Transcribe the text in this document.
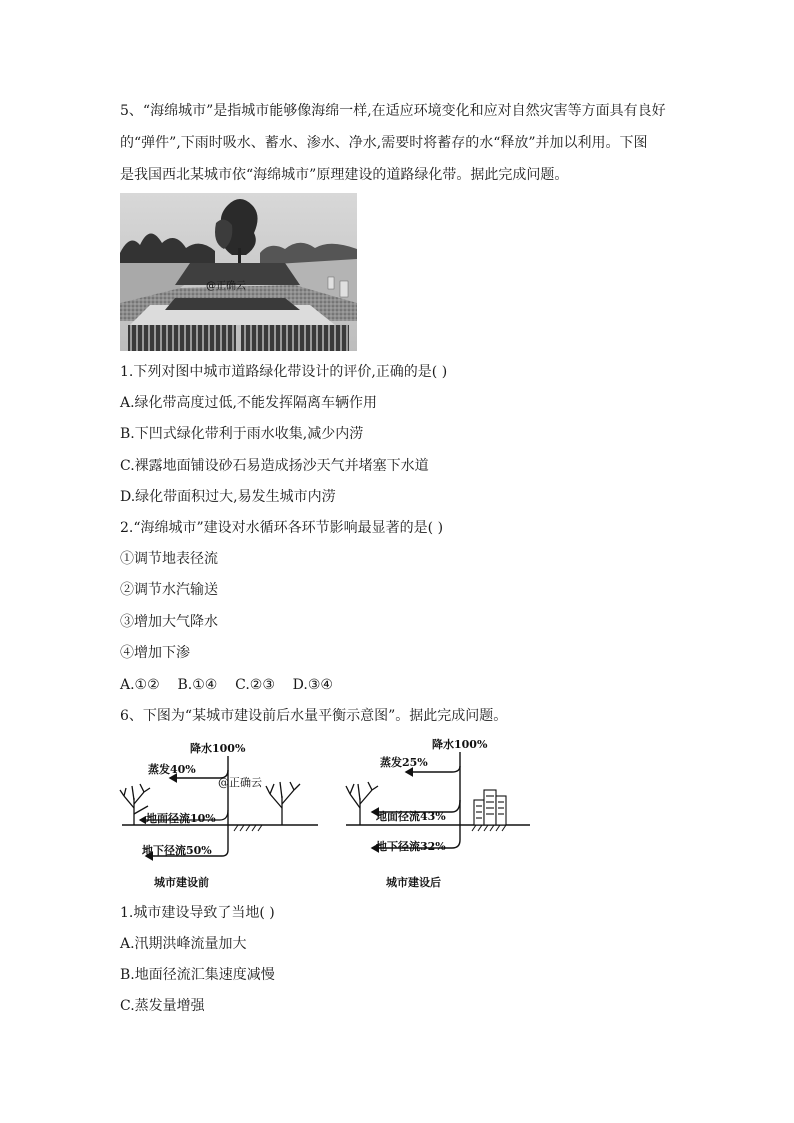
5、“海绵城市”是指城市能够像海绵一样,在适应环境变化和应对自然灾害等方面具有良好
的“弹件”,下雨时吸水、蓄水、渗水、净水,需要时将蓄存的水“释放”并加以利用。下图
是我国西北某城市依“海绵城市”原理建设的道路绿化带。据此完成问题。
@正确云
1.下列对图中城市道路绿化带设计的评价,正确的是( )
A.绿化带高度过低,不能发挥隔离车辆作用
B.下凹式绿化带利于雨水收集,减少内涝
C.裸露地面铺设砂石易造成扬沙天气并堵塞下水道
D.绿化带面积过大,易发生城市内涝
2.“海绵城市”建设对水循环各环节影响最显著的是( )
①调节地表径流
②调节水汽输送
③增加大气降水
④增加下渗
A.①②    B.①④    C.②③    D.③④
6、下图为“某城市建设前后水量平衡示意图”。据此完成问题。
降水100%
蒸发40%
@正确云
地面径流10%
地下径流50%
城市建设前
降水100%
蒸发25%
地面径流43%
地下径流32%
城市建设后
1.城市建设导致了当地( )
A.汛期洪峰流量加大
B.地面径流汇集速度减慢
C.蒸发量增强
